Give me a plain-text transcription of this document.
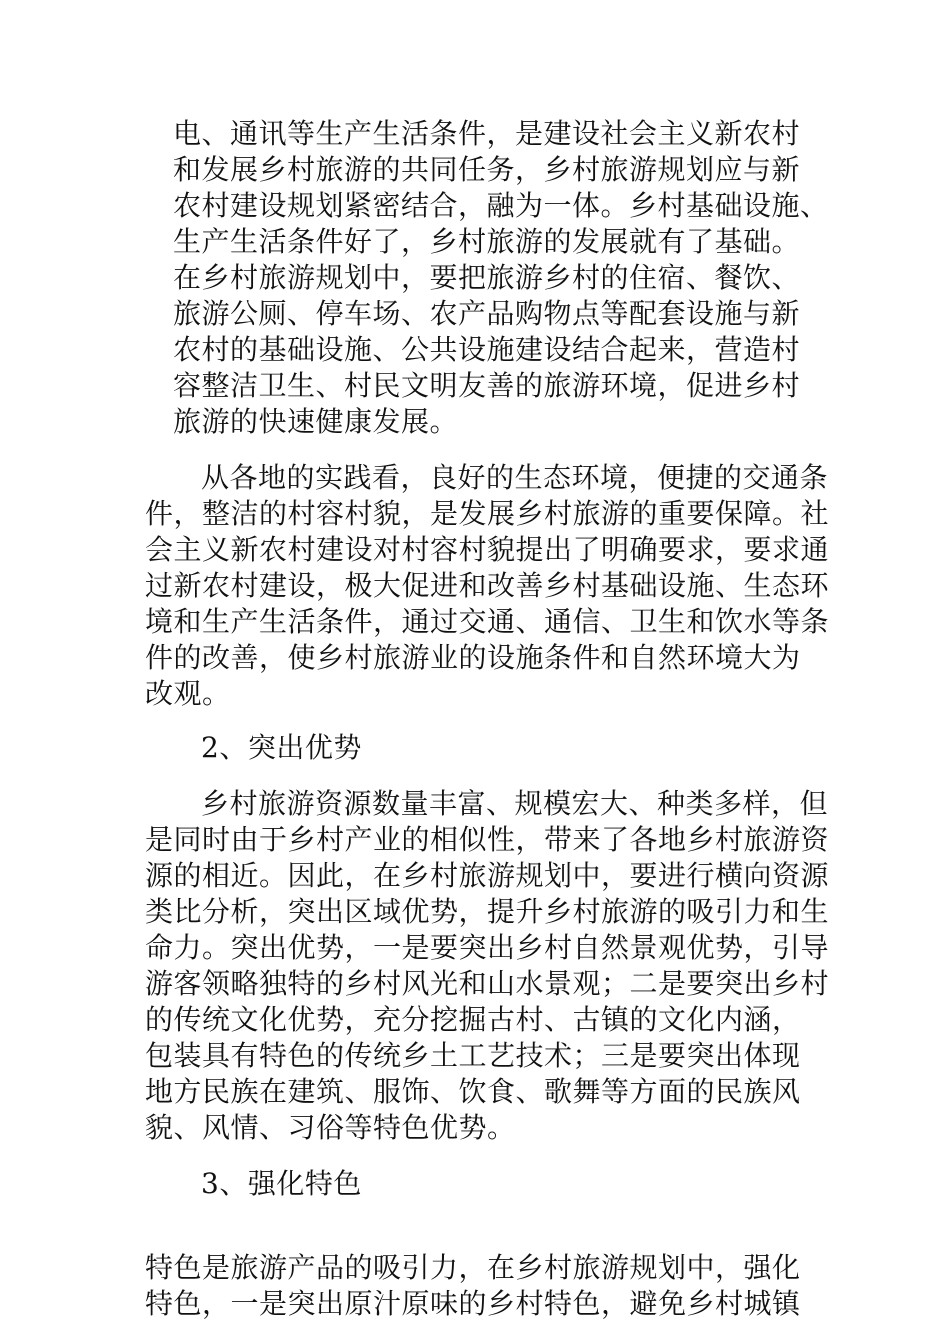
电、通讯等生产生活条件，是建设社会主义新农村
和发展乡村旅游的共同任务，乡村旅游规划应与新
农村建设规划紧密结合，融为一体。乡村基础设施、
生产生活条件好了，乡村旅游的发展就有了基础。
在乡村旅游规划中，要把旅游乡村的住宿、餐饮、
旅游公厕、停车场、农产品购物点等配套设施与新
农村的基础设施、公共设施建设结合起来，营造村
容整洁卫生、村民文明友善的旅游环境，促进乡村
旅游的快速健康发展。
从各地的实践看，良好的生态环境，便捷的交通条
件，整洁的村容村貌，是发展乡村旅游的重要保障。社
会主义新农村建设对村容村貌提出了明确要求，要求通
过新农村建设，极大促进和改善乡村基础设施、生态环
境和生产生活条件，通过交通、通信、卫生和饮水等条
件的改善，使乡村旅游业的设施条件和自然环境大为
改观。
2、突出优势
乡村旅游资源数量丰富、规模宏大、种类多样，但
是同时由于乡村产业的相似性，带来了各地乡村旅游资
源的相近。因此，在乡村旅游规划中，要进行横向资源
类比分析，突出区域优势，提升乡村旅游的吸引力和生
命力。突出优势，一是要突出乡村自然景观优势，引导
游客领略独特的乡村风光和山水景观；二是要突出乡村
的传统文化优势，充分挖掘古村、古镇的文化内涵，
包装具有特色的传统乡土工艺技术；三是要突出体现
地方民族在建筑、服饰、饮食、歌舞等方面的民族风
貌、风情、习俗等特色优势。
3、强化特色
特色是旅游产品的吸引力，在乡村旅游规划中，强化
特色，一是突出原汁原味的乡村特色，避免乡村城镇
